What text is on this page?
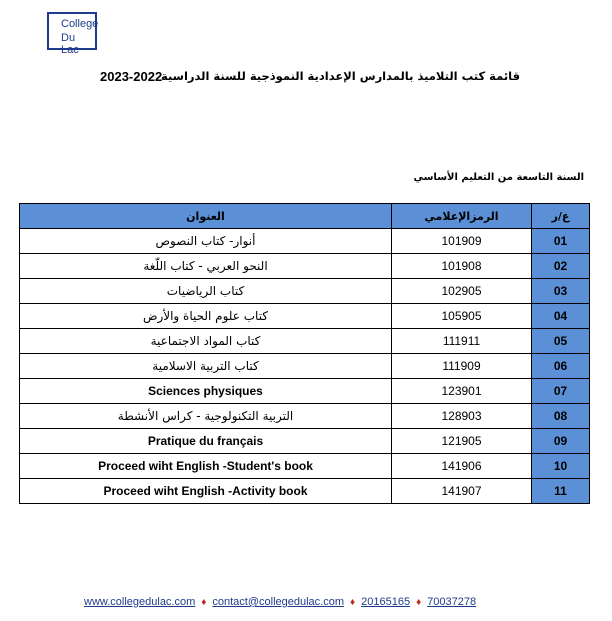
College
Du Lac
2023-2022
قائمة كتب التلاميذ بالمدارس الإعدادية النموذجية للسنة الدراسية
السنة التاسعة من التعليم الأساسي
العنوان	الرمزالإعلامي	ع/ر
أنوار- كتاب النصوص	101909	01
النحو العربي - كتاب اللّغة	101908	02
كتاب الرياضيات	102905	03
كتاب علوم الحياة والأرض	105905	04
كتاب المواد الاجتماعية	111911	05
كتاب التربية الاسلامية	111909	06
Sciences physiques	123901	07
التربية التكنولوجية - كراس الأنشطة	128903	08
Pratique du français	121905	09
Proceed wiht English -Student's book	141906	10
Proceed wiht English -Activity book	141907	11
www.collegedulac.com ♦ contact@collegedulac.com ♦ 20165165 ♦ 70037278
